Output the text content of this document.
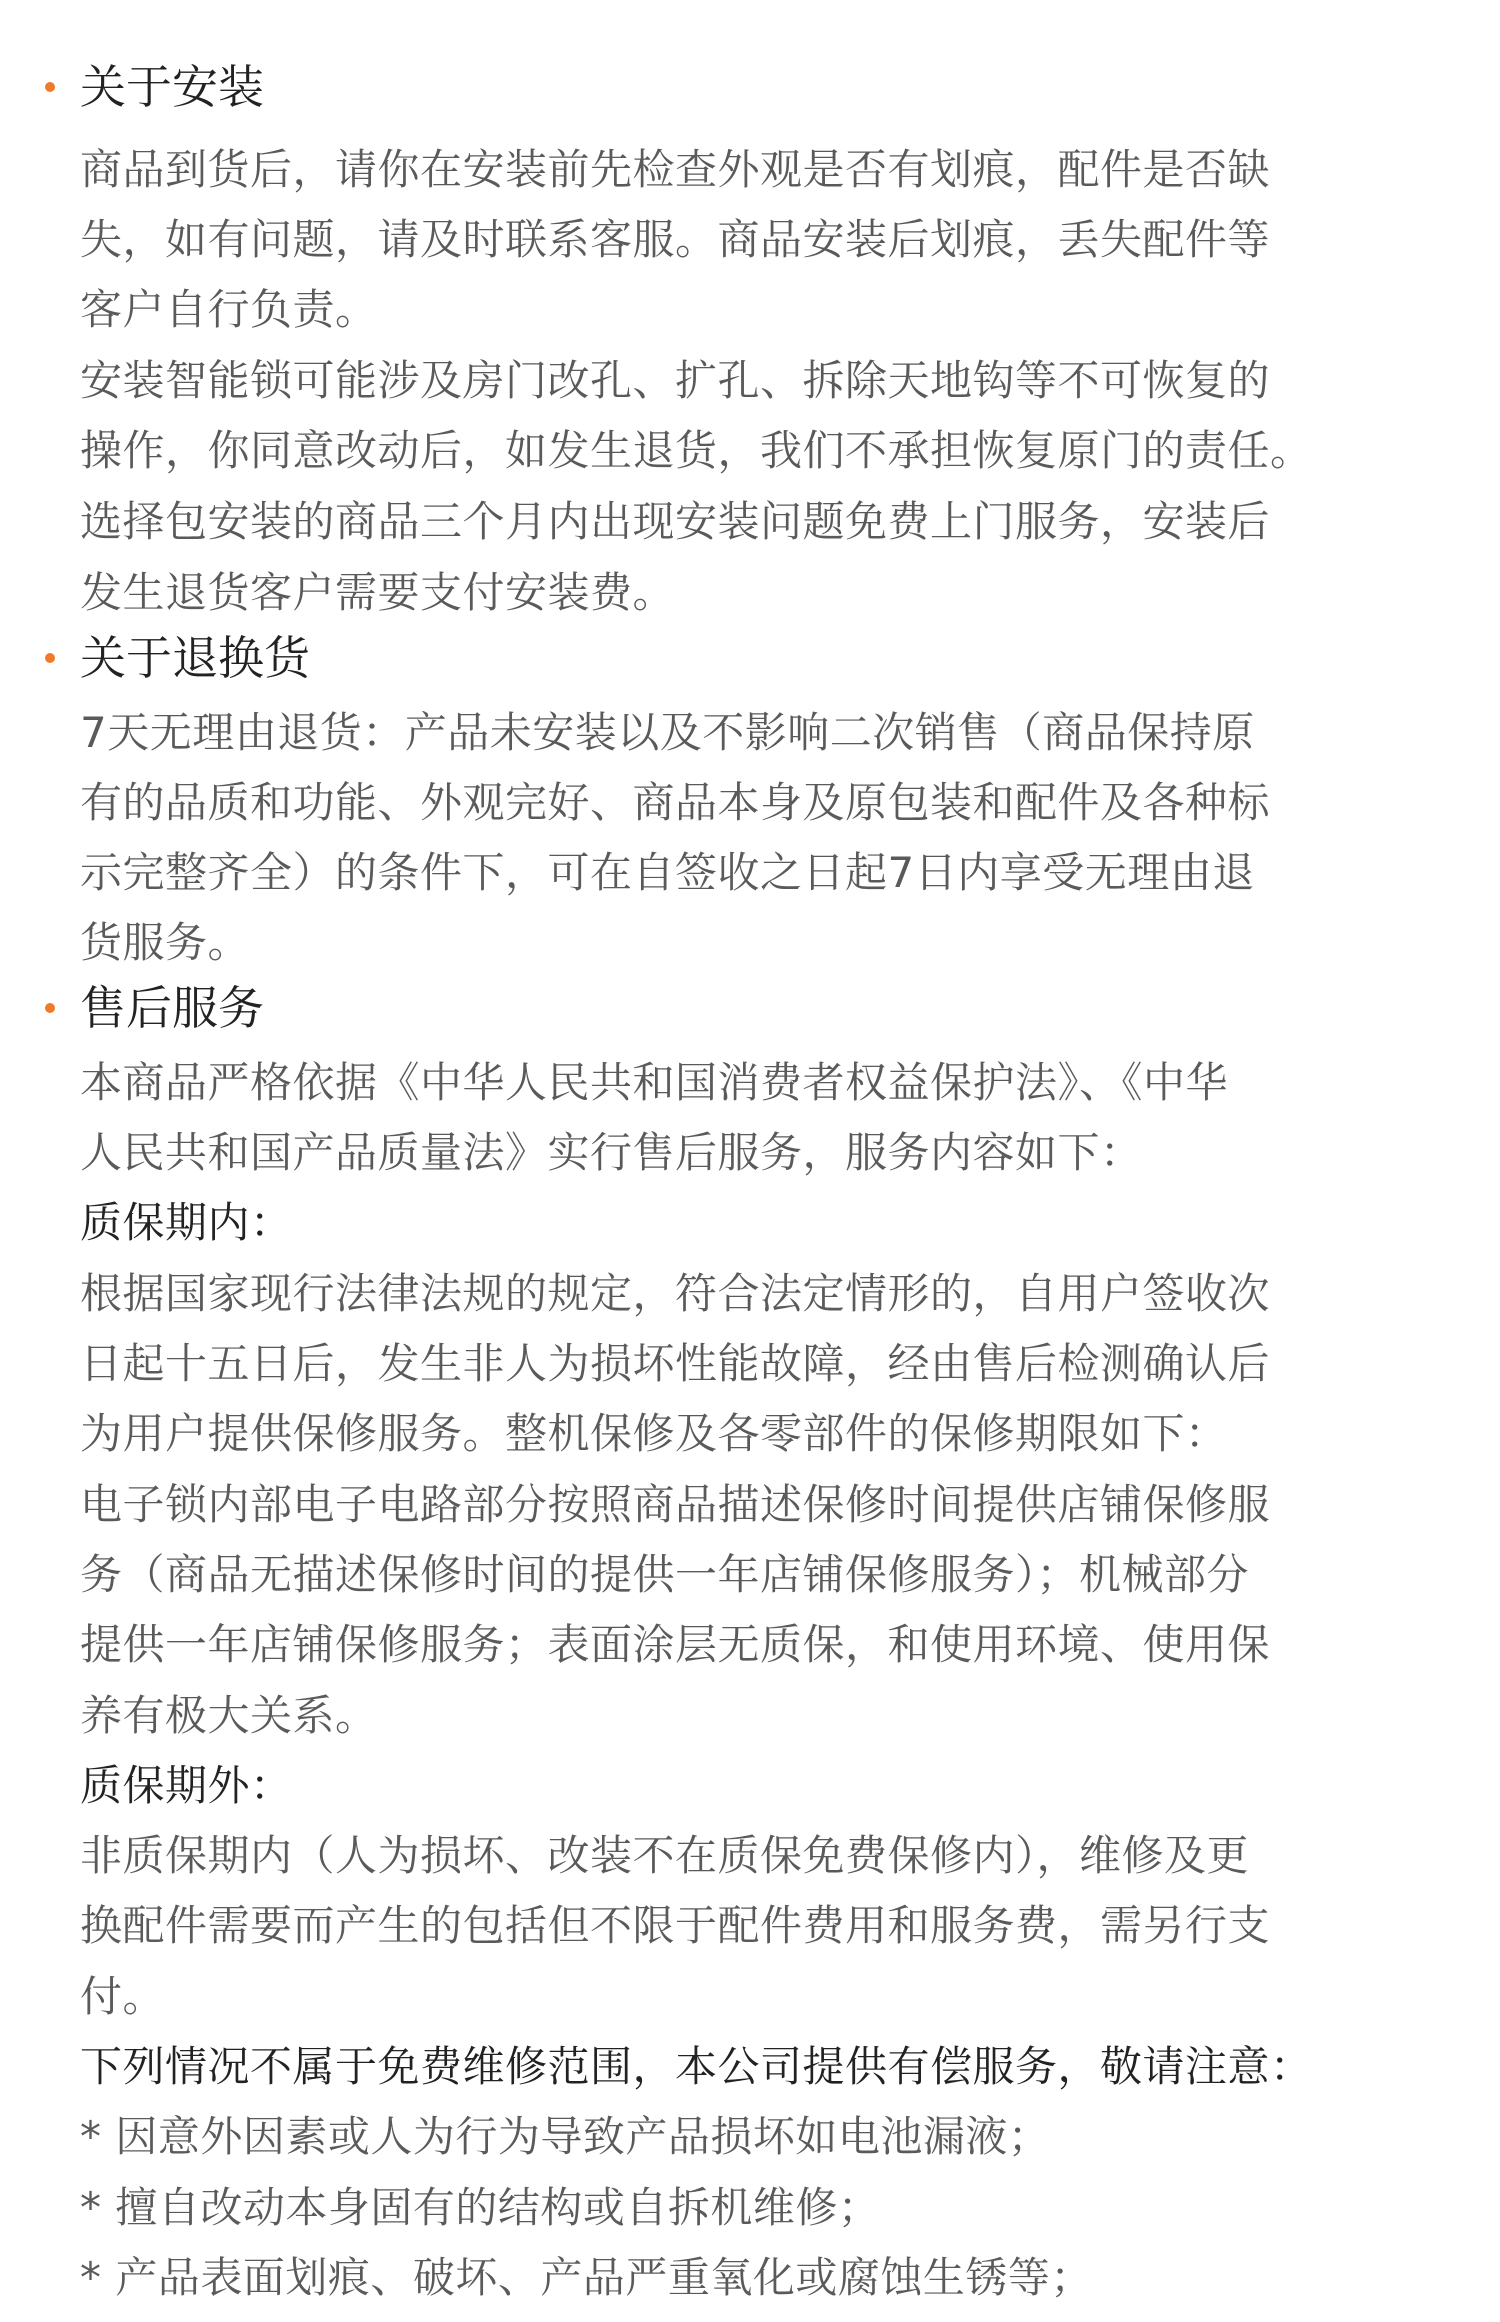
关于安装
商品到货后，请你在安装前先检查外观是否有划痕，配件是否缺
失，如有问题，请及时联系客服。商品安装后划痕，丢失配件等
客户自行负责。
安装智能锁可能涉及房门改孔、扩孔、拆除天地钩等不可恢复的
操作，你同意改动后，如发生退货，我们不承担恢复原门的责任。
选择包安装的商品三个月内出现安装问题免费上门服务，安装后
发生退货客户需要支付安装费。
关于退换货
7天无理由退货：产品未安装以及不影响二次销售（商品保持原
有的品质和功能、外观完好、商品本身及原包装和配件及各种标
示完整齐全）的条件下，可在自签收之日起7日内享受无理由退
货服务。
售后服务
本商品严格依据《中华人民共和国消费者权益保护法》、《中华
人民共和国产品质量法》实行售后服务，服务内容如下：
质保期内：
根据国家现行法律法规的规定，符合法定情形的，自用户签收次
日起十五日后，发生非人为损坏性能故障，经由售后检测确认后
为用户提供保修服务。整机保修及各零部件的保修期限如下：
电子锁内部电子电路部分按照商品描述保修时间提供店铺保修服
务（商品无描述保修时间的提供一年店铺保修服务）；机械部分
提供一年店铺保修服务；表面涂层无质保，和使用环境、使用保
养有极大关系。
质保期外：
非质保期内（人为损坏、改装不在质保免费保修内），维修及更
换配件需要而产生的包括但不限于配件费用和服务费，需另行支
付。
下列情况不属于免费维修范围，本公司提供有偿服务，敬请注意：
* 因意外因素或人为行为导致产品损坏如电池漏液；
* 擅自改动本身固有的结构或自拆机维修；
* 产品表面划痕、破坏、产品严重氧化或腐蚀生锈等；
